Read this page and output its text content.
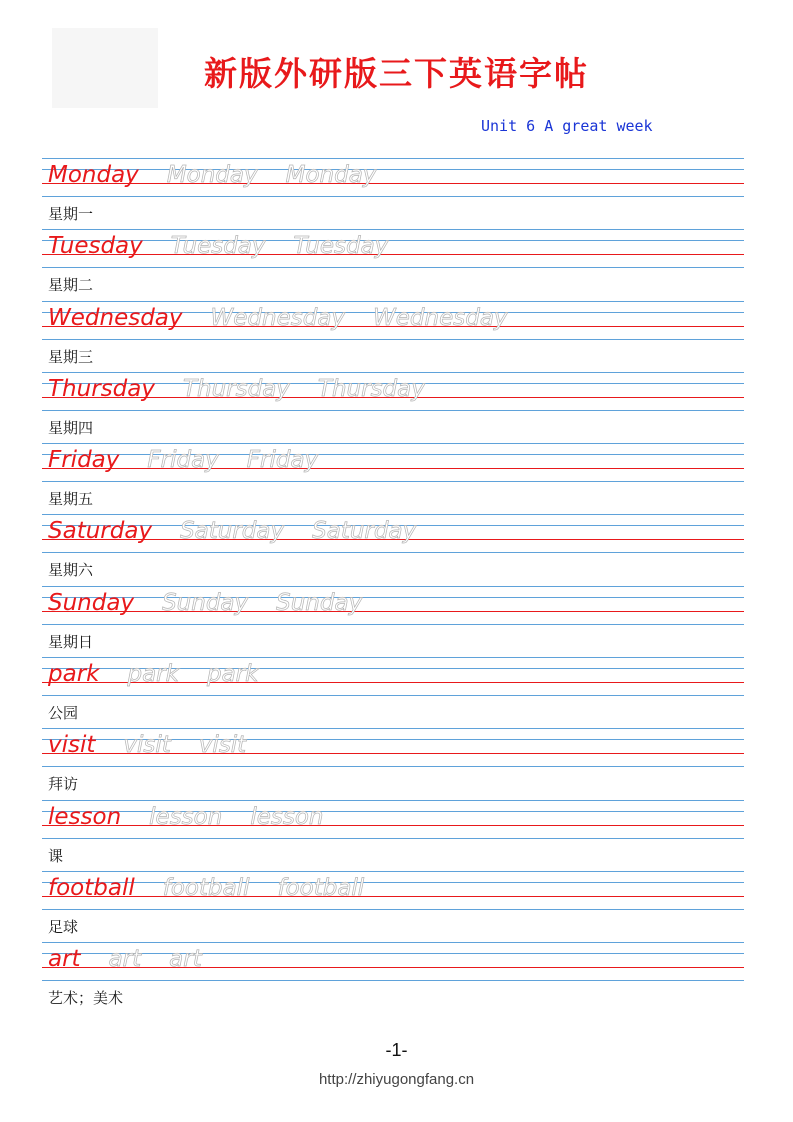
新版外研版三下英语字帖
Unit 6 A great week
Monday Monday Monday
星期一
Tuesday Tuesday Tuesday
星期二
Wednesday Wednesday Wednesday
星期三
Thursday Thursday Thursday
星期四
Friday Friday Friday
星期五
Saturday Saturday Saturday
星期六
Sunday Sunday Sunday
星期日
park park park
公园
visit visit visit
拜访
lesson lesson lesson
课
football football football
足球
art art art
艺术；美术
-1-
http://zhiyugongfang.cn
